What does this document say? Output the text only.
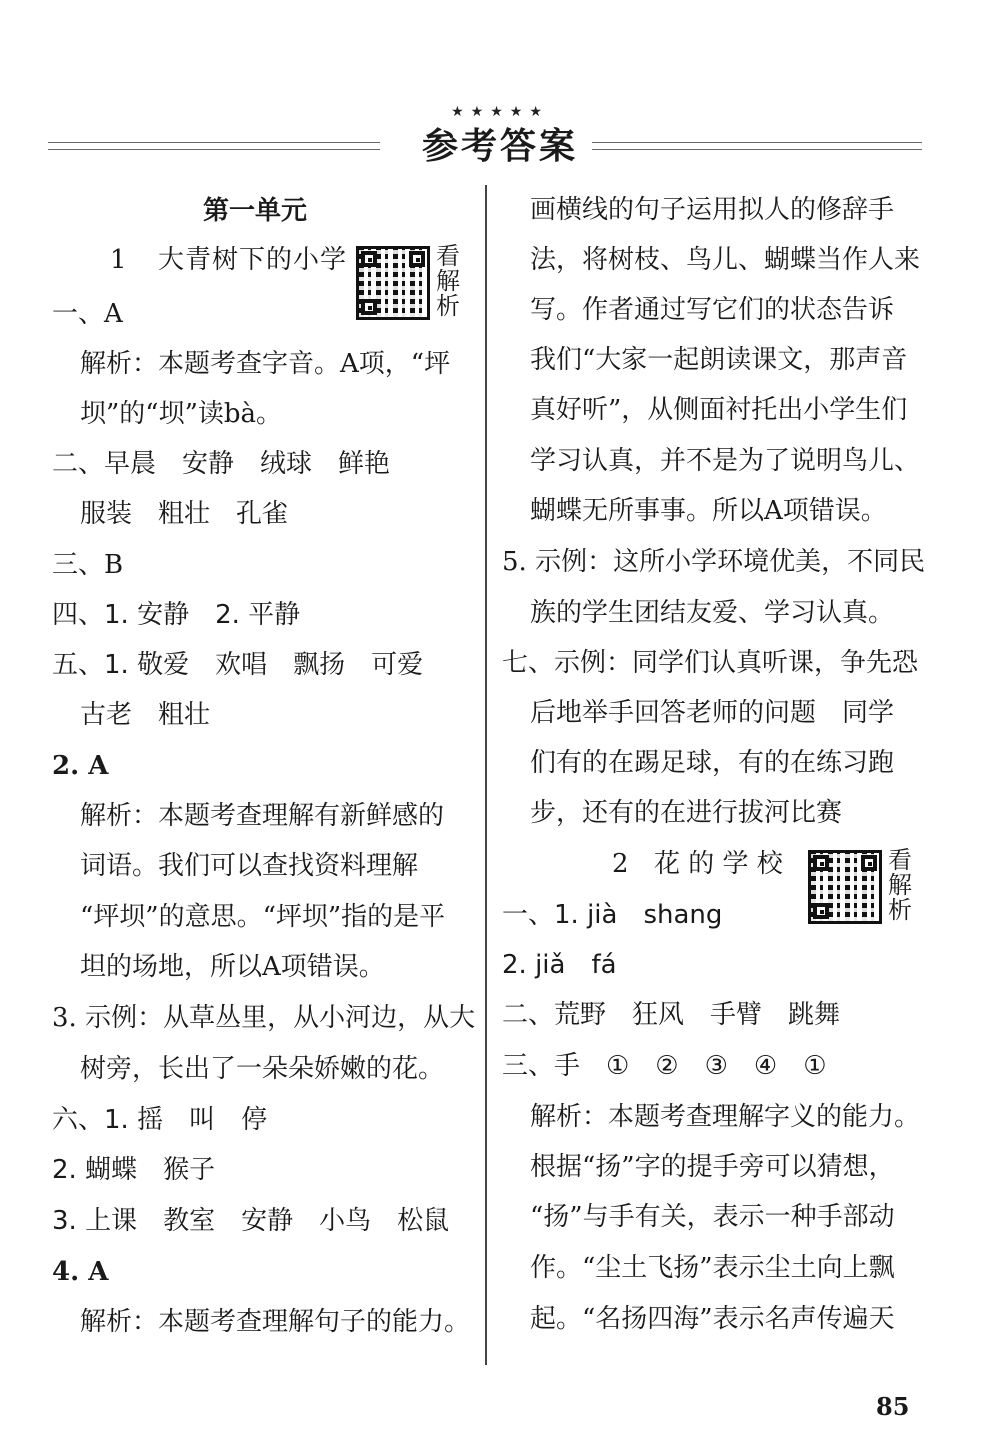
★★★★★
参考答案
第一单元
1 大青树下的小学	看
解
析
一、A
解析：本题考查字音。A项，“坪
坝”的“坝”读bà。
二、早晨　安静　绒球　鲜艳
服装　粗壮　孔雀
三、B
四、1. 安静　2. 平静
五、1. 敬爱　欢唱　飘扬　可爱
古老　粗壮
2. A
解析：本题考查理解有新鲜感的
词语。我们可以查找资料理解
“坪坝”的意思。“坪坝”指的是平
坦的场地，所以A项错误。
3. 示例：从草丛里，从小河边，从大
树旁，长出了一朵朵娇嫩的花。
六、1. 摇　叫　停
2. 蝴蝶　猴子
3. 上课　教室　安静　小鸟　松鼠
4. A
解析：本题考查理解句子的能力。
画横线的句子运用拟人的修辞手
法，将树枝、鸟儿、蝴蝶当作人来
写。作者通过写它们的状态告诉
我们“大家一起朗读课文，那声音
真好听”，从侧面衬托出小学生们
学习认真，并不是为了说明鸟儿、
蝴蝶无所事事。所以A项错误。
5. 示例：这所小学环境优美，不同民
族的学生团结友爱、学习认真。
七、示例：同学们认真听课，争先恐
后地举手回答老师的问题　同学
们有的在踢足球，有的在练习跑
步，还有的在进行拔河比赛
2 花 的 学 校	看
解
析
一、1. jià　shang
2. jiǎ　fá
二、荒野　狂风　手臂　跳舞
三、手　①　②　③　④　①
解析：本题考查理解字义的能力。
根据“扬”字的提手旁可以猜想，
“扬”与手有关，表示一种手部动
作。“尘土飞扬”表示尘土向上飘
起。“名扬四海”表示名声传遍天
85
